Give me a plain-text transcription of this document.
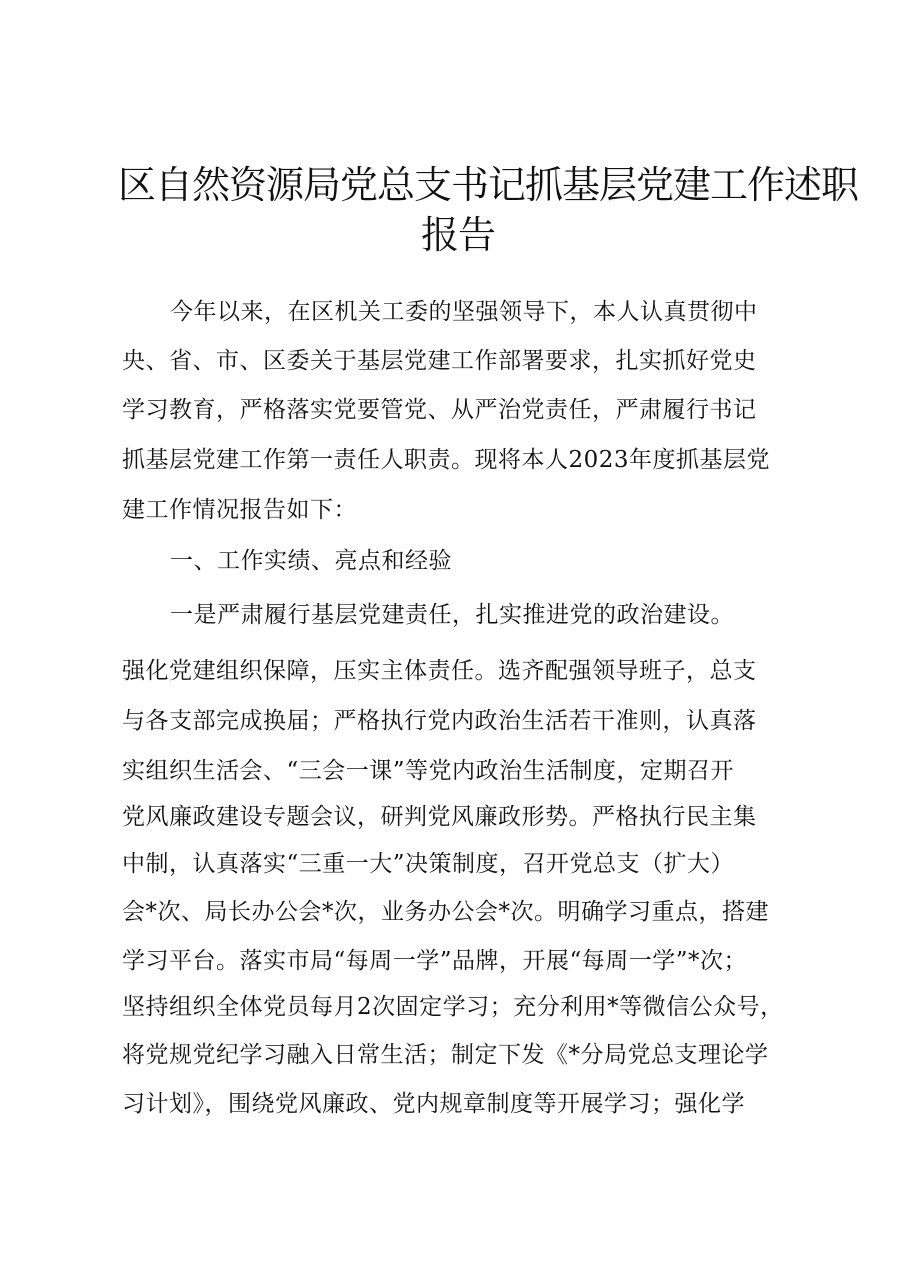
区自然资源局党总支书记抓基层党建工作述职
报告
今年以来，在区机关工委的坚强领导下，本人认真贯彻中
央、省、市、区委关于基层党建工作部署要求，扎实抓好党史
学习教育，严格落实党要管党、从严治党责任，严肃履行书记
抓基层党建工作第一责任人职责。现将本人2023年度抓基层党
建工作情况报告如下：
一、工作实绩、亮点和经验
一是严肃履行基层党建责任，扎实推进党的政治建设。
强化党建组织保障，压实主体责任。选齐配强领导班子，总支
与各支部完成换届；严格执行党内政治生活若干准则，认真落
实组织生活会、“三会一课”等党内政治生活制度，定期召开
党风廉政建设专题会议，研判党风廉政形势。严格执行民主集
中制，认真落实“三重一大”决策制度，召开党总支（扩大）
会*次、局长办公会*次，业务办公会*次。明确学习重点，搭建
学习平台。落实市局“每周一学”品牌，开展“每周一学”*次；
坚持组织全体党员每月2次固定学习；充分利用*等微信公众号，
将党规党纪学习融入日常生活；制定下发《*分局党总支理论学
习计划》，围绕党风廉政、党内规章制度等开展学习；强化学
